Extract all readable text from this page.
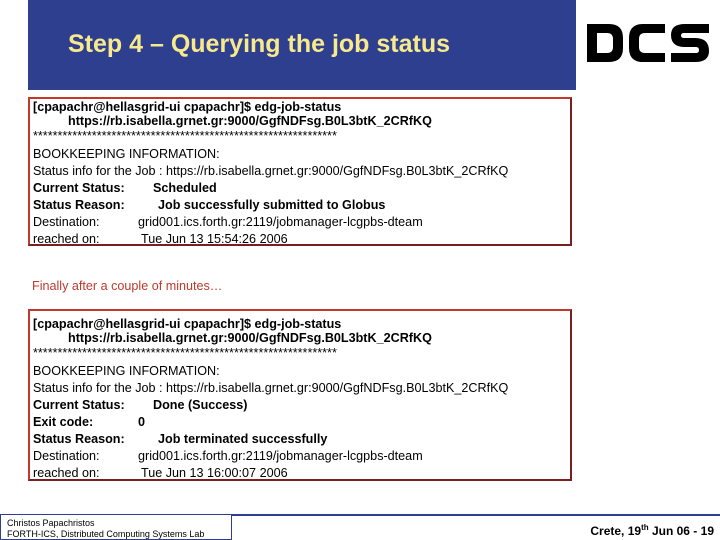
Step 4 – Querying the job status
[cpapachr@hellasgrid-ui cpapachr]$ edg-job-status
https://rb.isabella.grnet.gr:9000/GgfNDFsg.B0L3btK_2CRfKQ
**************************************************************
BOOKKEEPING INFORMATION:
Status info for the Job : https://rb.isabella.grnet.gr:9000/GgfNDFsg.B0L3btK_2CRfKQ
Current Status: Scheduled
Status Reason:	Job successfully submitted to Globus
Destination:	grid001.ics.forth.gr:2119/jobmanager-lcgpbs-dteam
reached on:	Tue Jun 13 15:54:26 2006
Finally after a couple of minutes…
[cpapachr@hellasgrid-ui cpapachr]$ edg-job-status
https://rb.isabella.grnet.gr:9000/GgfNDFsg.B0L3btK_2CRfKQ
**************************************************************
BOOKKEEPING INFORMATION:
Status info for the Job : https://rb.isabella.grnet.gr:9000/GgfNDFsg.B0L3btK_2CRfKQ
Current Status: Done (Success)
Exit code:	0
Status Reason:	Job terminated successfully
Destination:	grid001.ics.forth.gr:2119/jobmanager-lcgpbs-dteam
reached on:	Tue Jun 13 16:00:07 2006
Christos Papachristos
FORTH-ICS, Distributed Computing Systems Lab	Crete, 19th Jun 06 - 19
